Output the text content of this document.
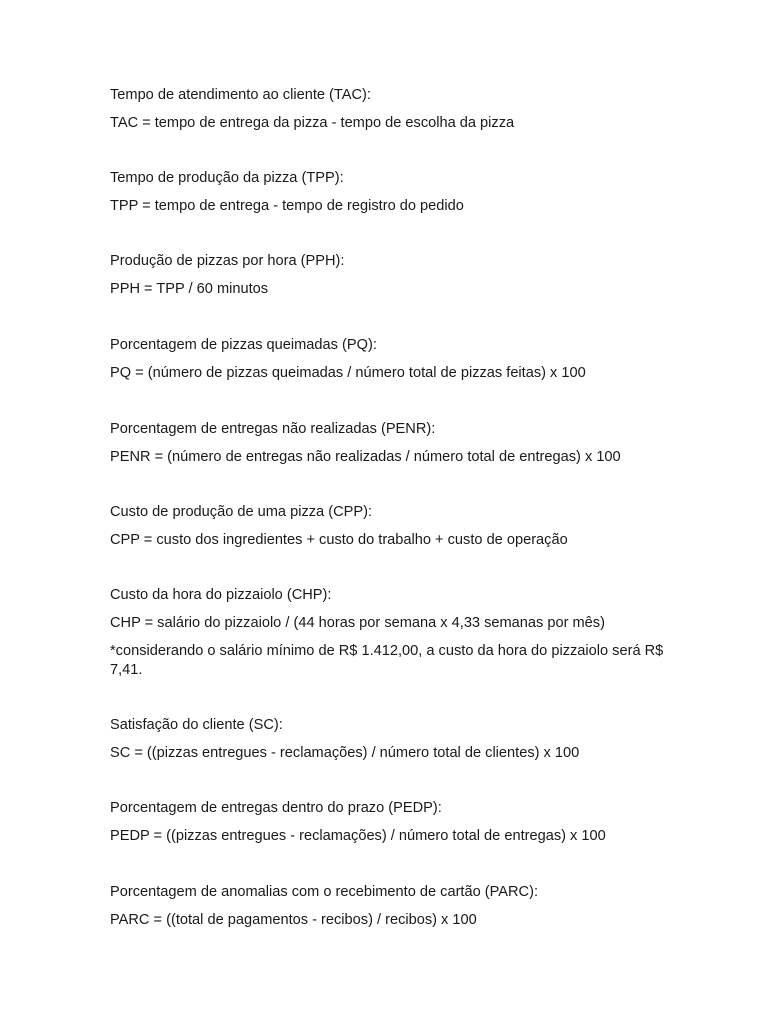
Tempo de atendimento ao cliente (TAC):
TAC = tempo de entrega da pizza - tempo de escolha da pizza
Tempo de produção da pizza (TPP):
TPP = tempo de entrega - tempo de registro do pedido
Produção de pizzas por hora (PPH):
PPH = TPP / 60 minutos
Porcentagem de pizzas queimadas (PQ):
PQ = (número de pizzas queimadas / número total de pizzas feitas) x 100
Porcentagem de entregas não realizadas (PENR):
PENR = (número de entregas não realizadas / número total de entregas) x 100
Custo de produção de uma pizza (CPP):
CPP = custo dos ingredientes + custo do trabalho + custo de operação
Custo da hora do pizzaiolo (CHP):
CHP = salário do pizzaiolo / (44 horas por semana x 4,33 semanas por mês)
*considerando o salário mínimo de R$ 1.412,00, a custo da hora do pizzaiolo será R$ 7,41.
Satisfação do cliente (SC):
SC = ((pizzas entregues - reclamações) / número total de clientes) x 100
Porcentagem de entregas dentro do prazo (PEDP):
PEDP = ((pizzas entregues - reclamações) / número total de entregas) x 100
Porcentagem de anomalias com o recebimento de cartão (PARC):
PARC = ((total de pagamentos - recibos) / recibos) x 100
